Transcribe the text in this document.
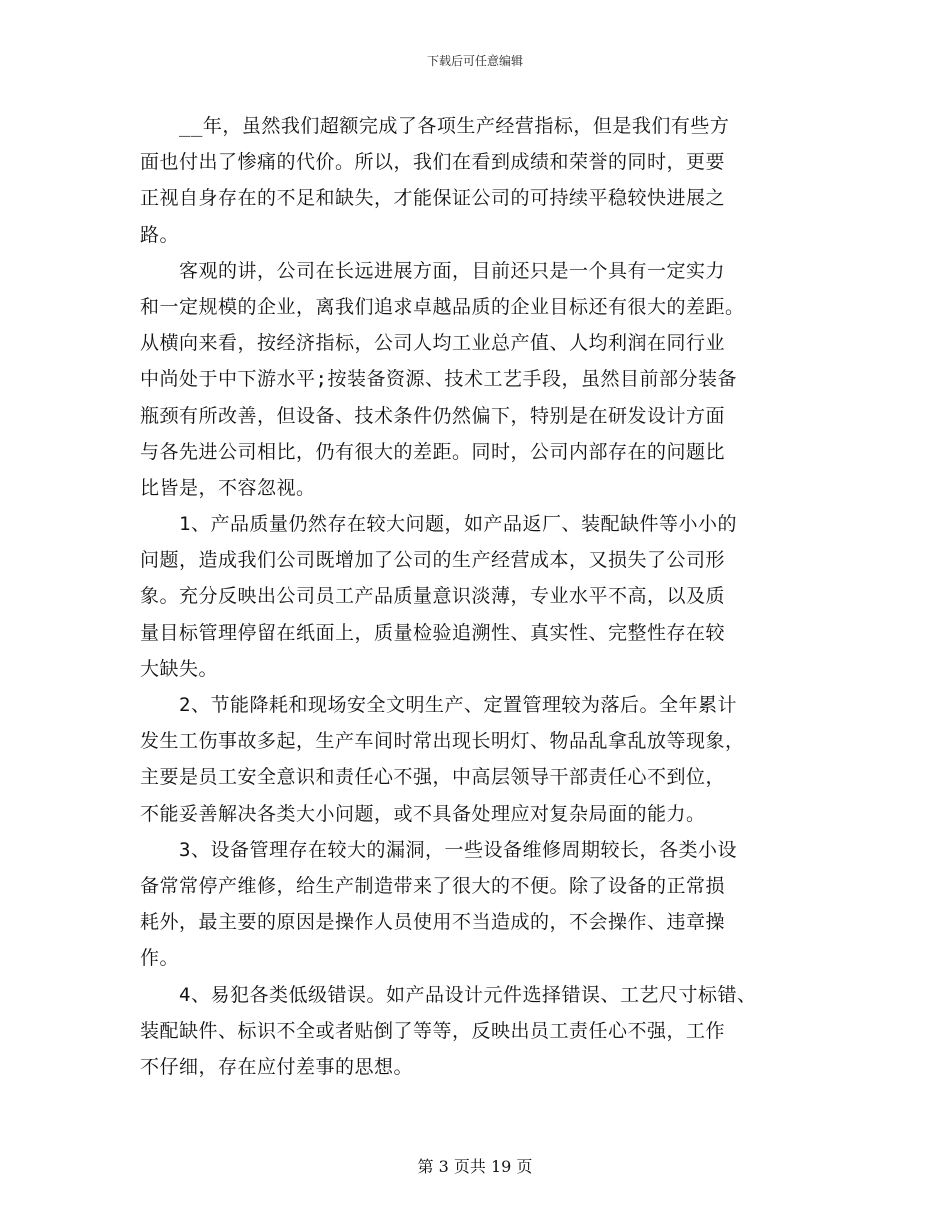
下载后可任意编辑
　　__年，虽然我们超额完成了各项生产经营指标，但是我们有些方
面也付出了惨痛的代价。所以，我们在看到成绩和荣誉的同时，更要
正视自身存在的不足和缺失，才能保证公司的可持续平稳较快进展之
路。
　　客观的讲，公司在长远进展方面，目前还只是一个具有一定实力
和一定规模的企业，离我们追求卓越品质的企业目标还有很大的差距。
从横向来看，按经济指标，公司人均工业总产值、人均利润在同行业
中尚处于中下游水平;按装备资源、技术工艺手段，虽然目前部分装备
瓶颈有所改善，但设备、技术条件仍然偏下，特别是在研发设计方面
与各先进公司相比，仍有很大的差距。同时，公司内部存在的问题比
比皆是，不容忽视。
　　1、产品质量仍然存在较大问题，如产品返厂、装配缺件等小小的
问题，造成我们公司既增加了公司的生产经营成本，又损失了公司形
象。充分反映出公司员工产品质量意识淡薄，专业水平不高，以及质
量目标管理停留在纸面上，质量检验追溯性、真实性、完整性存在较
大缺失。
　　2、节能降耗和现场安全文明生产、定置管理较为落后。全年累计
发生工伤事故多起，生产车间时常出现长明灯、物品乱拿乱放等现象，
主要是员工安全意识和责任心不强，中高层领导干部责任心不到位，
不能妥善解决各类大小问题，或不具备处理应对复杂局面的能力。
　　3、设备管理存在较大的漏洞，一些设备维修周期较长，各类小设
备常常停产维修，给生产制造带来了很大的不便。除了设备的正常损
耗外，最主要的原因是操作人员使用不当造成的，不会操作、违章操
作。
　　4、易犯各类低级错误。如产品设计元件选择错误、工艺尺寸标错、
装配缺件、标识不全或者贴倒了等等，反映出员工责任心不强，工作
不仔细，存在应付差事的思想。
第 3 页共 19 页
